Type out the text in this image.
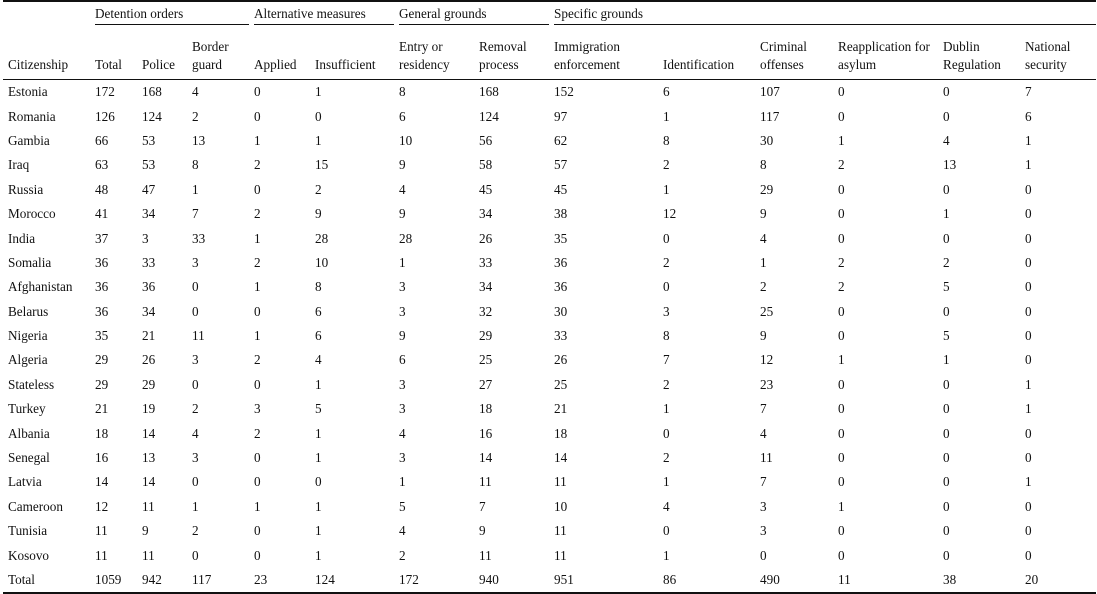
	Detention orders			Alternative measures		General grounds		Specific grounds					

Citizenship	Total	Police	Border guard	Applied	Insufficient	Entry or residency	Removal process	Immigration enforcement	Identification	Criminal offenses	Reapplication for asylum	Dublin Regulation	National security
Estonia	172	168	4	0	1	8	168	152	6	107	0	0	7
Romania	126	124	2	0	0	6	124	97	1	117	0	0	6
Gambia	66	53	13	1	1	10	56	62	8	30	1	4	1
Iraq	63	53	8	2	15	9	58	57	2	8	2	13	1
Russia	48	47	1	0	2	4	45	45	1	29	0	0	0
Morocco	41	34	7	2	9	9	34	38	12	9	0	1	0
India	37	3	33	1	28	28	26	35	0	4	0	0	0
Somalia	36	33	3	2	10	1	33	36	2	1	2	2	0
Afghanistan	36	36	0	1	8	3	34	36	0	2	2	5	0
Belarus	36	34	0	0	6	3	32	30	3	25	0	0	0
Nigeria	35	21	11	1	6	9	29	33	8	9	0	5	0
Algeria	29	26	3	2	4	6	25	26	7	12	1	1	0
Stateless	29	29	0	0	1	3	27	25	2	23	0	0	1
Turkey	21	19	2	3	5	3	18	21	1	7	0	0	1
Albania	18	14	4	2	1	4	16	18	0	4	0	0	0
Senegal	16	13	3	0	1	3	14	14	2	11	0	0	0
Latvia	14	14	0	0	0	1	11	11	1	7	0	0	1
Cameroon	12	11	1	1	1	5	7	10	4	3	1	0	0
Tunisia	11	9	2	0	1	4	9	11	0	3	0	0	0
Kosovo	11	11	0	0	1	2	11	11	1	0	0	0	0
Total	1059	942	117	23	124	172	940	951	86	490	11	38	20
